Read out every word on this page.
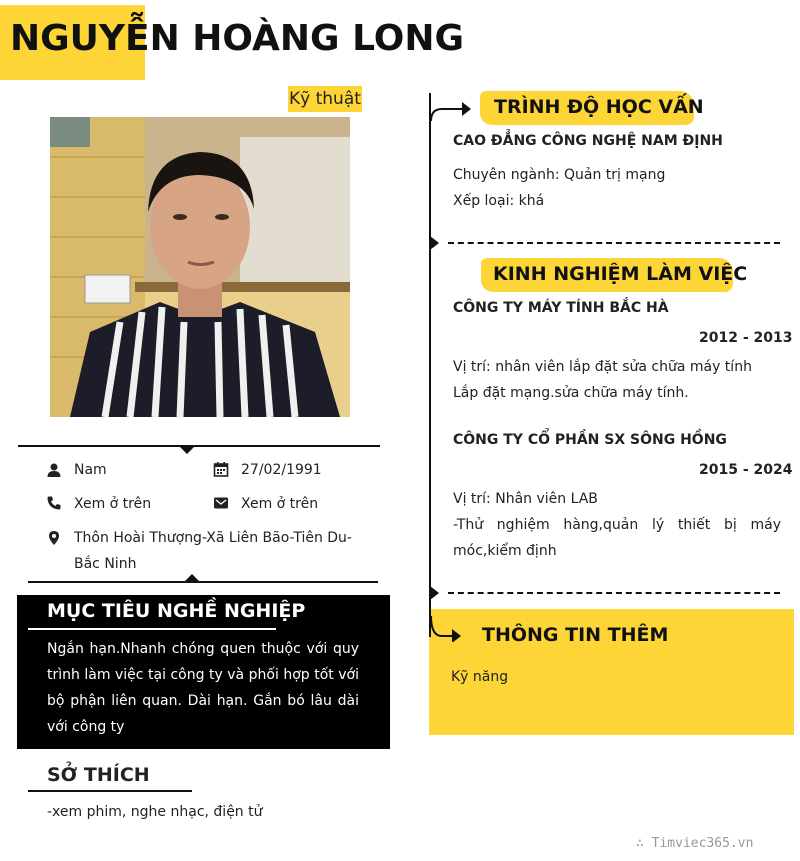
NGUYỄN HOÀNG LONG
Kỹ thuật
Nam	27/02/1991
Xem ở trên	Xem ở trên
Thôn Hoài Thượng-Xã Liên Bão-Tiên Du-
Bắc Ninh
MỤC TIÊU NGHỀ NGHIỆP
Ngắn hạn.Nhanh chóng quen thuộc với quy trình làm việc tại công ty và phối hợp tốt với bộ phận liên quan. Dài hạn. Gắn bó lâu dài với công ty
SỞ THÍCH
-xem phim, nghe nhạc, điện tử
TRÌNH ĐỘ HỌC VẤN
CAO ĐẲNG CÔNG NGHỆ NAM ĐỊNH
Chuyên ngành: Quản trị mạng
Xếp loại: khá
KINH NGHIỆM LÀM VIỆC
CÔNG TY MÁY TÍNH BẮC HÀ
2012 - 2013
Vị trí: nhân viên lắp đặt sửa chữa máy tính
Lắp đặt mạng.sửa chữa máy tính.
CÔNG TY CỔ PHẦN SX SÔNG HỒNG
2015 - 2024
Vị trí: Nhân viên LAB
-Thử nghiệm hàng,quản lý thiết bị máy móc,kiểm định
THÔNG TIN THÊM
Kỹ năng
∴ Timviec365.vn
